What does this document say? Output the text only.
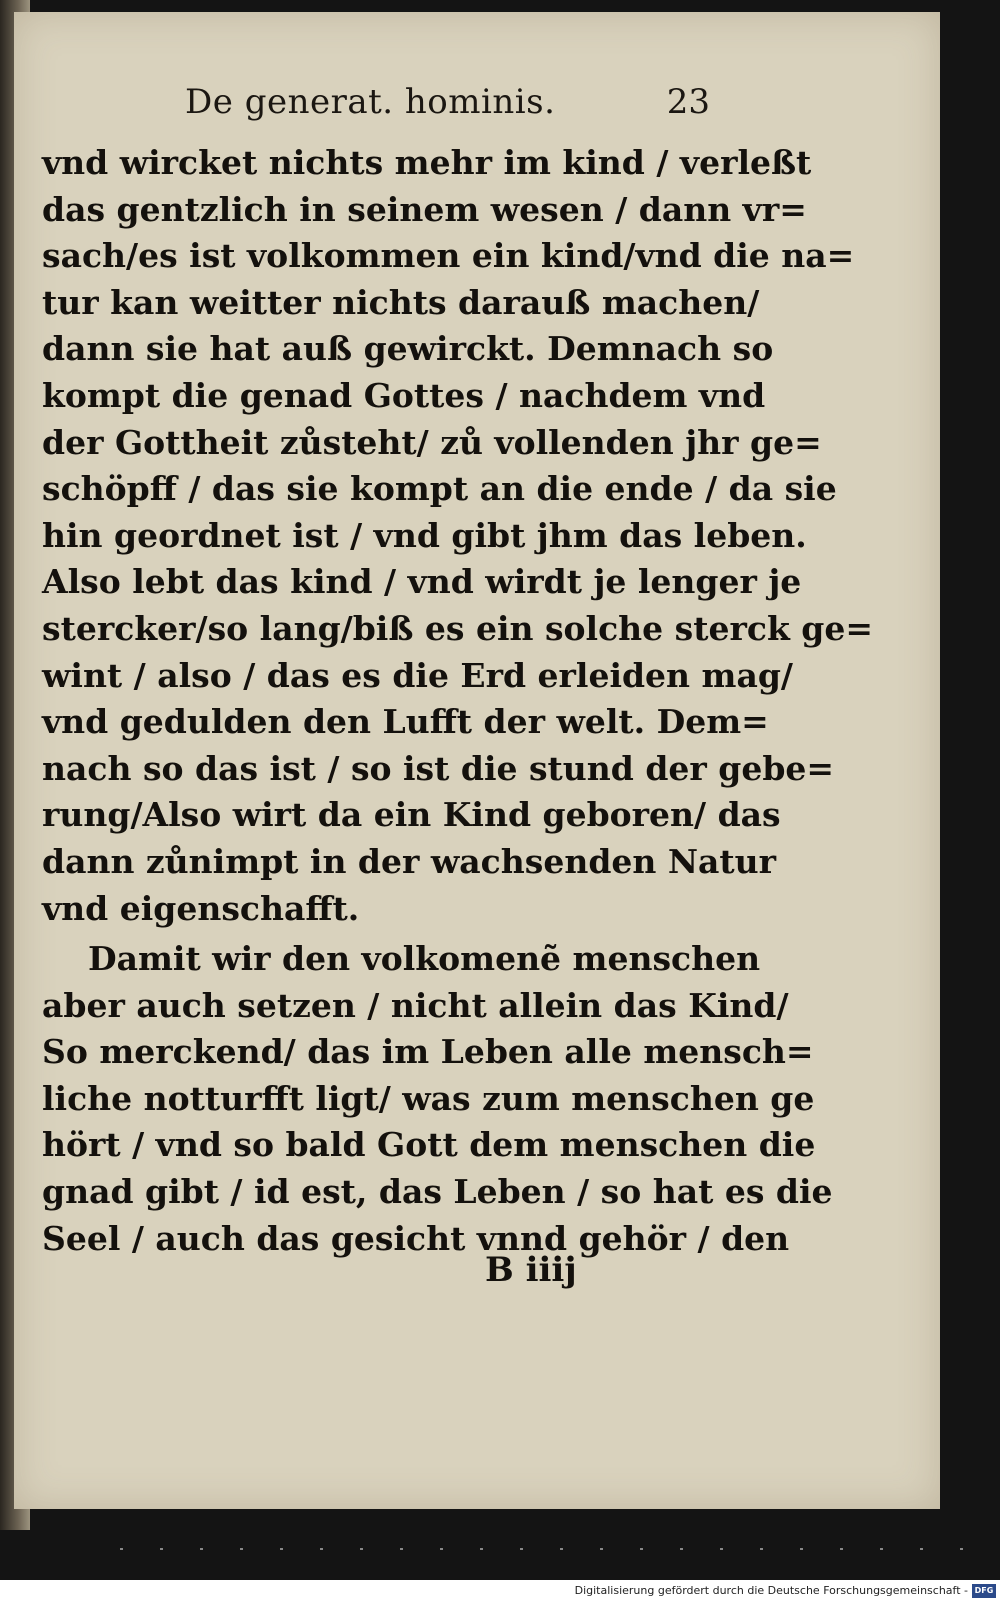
De generat. hominis.	23
vnd wircket nichts mehr im kind / verleßt
das gentzlich in seinem wesen / dann vr=
sach/es ist volkommen ein kind/vnd die na=
tur kan weitter nichts darauß machen/
dann sie hat auß gewirckt. Demnach so
kompt die genad Gottes / nachdem vnd
der Gottheit zůsteht/ zů vollenden jhr ge=
schöpff / das sie kompt an die ende / da sie
hin geordnet ist / vnd gibt jhm das leben.
Also lebt das kind / vnd wirdt je lenger je
stercker/so lang/biß es ein solche sterck ge=
wint / also / das es die Erd erleiden mag/
vnd gedulden den Lufft der welt. Dem=
nach so das ist / so ist die stund der gebe=
rung/Also wirt da ein Kind geboren/ das
dann zůnimpt in der wachsenden Natur
vnd eigenschafft.
Damit wir den volkomenẽ menschen
aber auch setzen / nicht allein das Kind/
So merckend/ das im Leben alle mensch=
liche notturfft ligt/ was zum menschen ge
hört / vnd so bald Gott dem menschen die
gnad gibt / id est, das Leben / so hat es die
Seel / auch das gesicht vnnd gehör / den
B iiij
Digitalisierung gefördert durch die Deutsche Forschungsgemeinschaft - DFG
